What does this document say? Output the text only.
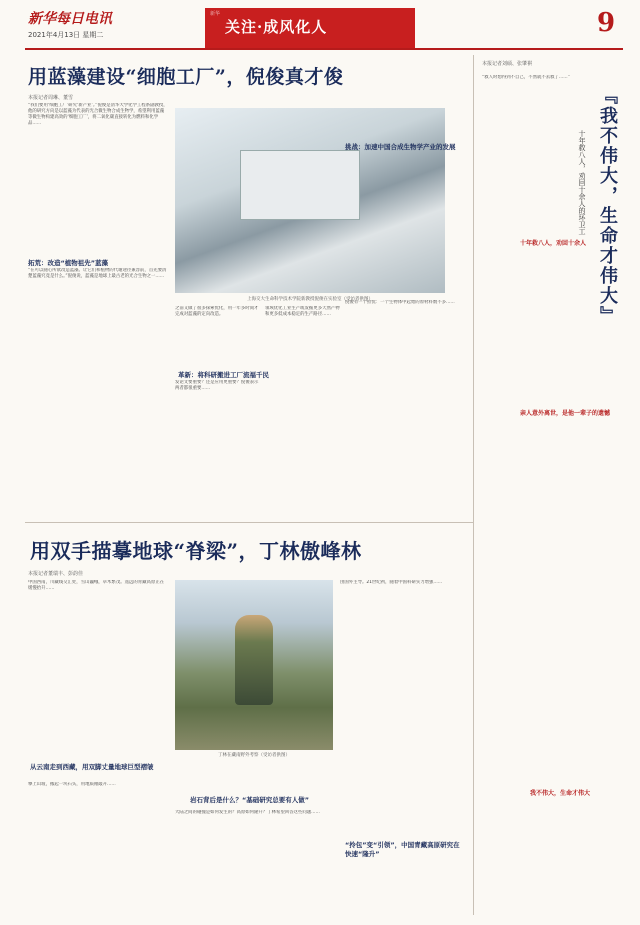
新华每日电讯
2021年4月13日 星期二
新华
关注·成风化人	9
用蓝藻建设“细胞工厂”，倪俊真才俊
本报记者周琳、董雪
“我们要用‘细胞工厂’研究‘新产业’。”倪俊是清华大学化学工程系副教授，他的研究方向是以蓝藻为代表的光合微生物合成生物学，希望利用蓝藻等微生物构建高效的‘细胞工厂’，将二氧化碳直接转化为燃料和化学品……
拓荒：改造“植物祖先”蓝藻
“在可以随心所欲改造蓝藻、让它们和植物的代谢途径兼容前，首先要清楚蓝藻究竟是什么。”倪俊说，蓝藻是地球上最古老的光合生物之一……
上海交大生命科学技术学院新教授倪俊在实验室（受访者供图）
之前又做了很多探索优化，用一年多时间才完成对蓝藻的定向改造。
革新：将科研搬进工厂流福千民
发论文要重要？还是应用更重要？倪俊表示两者都很重要……
领域优化工业生产或发掘更多天然产物和更多低成本稳定的生产路径……
挑战：加速中国合成生物学产业的发展
倪俊有一个担忧：一个生物体中起始的原材料数不多……
用双手描摹地球“脊梁”，丁林傲峰林
本报记者董瑞丰、彭韵佳
中国西南，川藏线交汇处，雪山巍峨，草木繁茂。遥远的青藏高原正在缓慢抬升……
从云南走到西藏，用双脚丈量地球巨型褶皱
攀上山坡，搬起一块石头，用地质锤敲开……
丁林在藏南野外考察（受访者供图）
岩石背后是什么？“基础研究总要有人做”
大陆之间的碰撞是如何发生的？高原如何隆升？丁林希望回答这些问题……
由国外主导。21世纪初，随着中国科研实力增强……
“拎包”变“引领”，中国青藏高原研究在快速“隆升”
本报记者刘硕、张肇祺
『我不伟大，生命才伟大』
十年救八人，劝回十余人的环卫工
十年救八人，劝回十余人
“救人时想得到不自己，不然就不去救了……”
亲人意外离世，是他一辈子的遗憾
我不伟大，生命才伟大
